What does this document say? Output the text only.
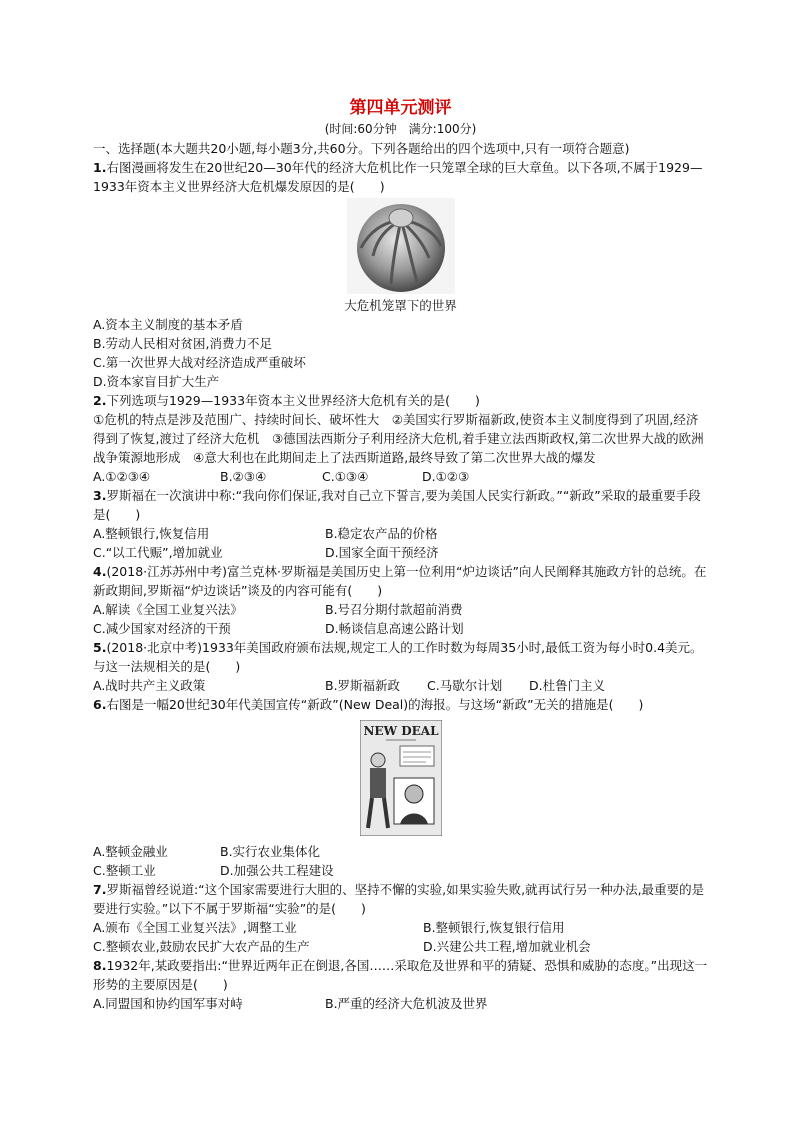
第四单元测评

(时间:60分钟　满分:100分)

一、选择题(本大题共20小题,每小题3分,共60分。下列各题给出的四个选项中,只有一项符合题意)

1.右图漫画将发生在20世纪20—30年代的经济大危机比作一只笼罩全球的巨大章鱼。以下各项,不属于1929—1933年资本主义世界经济大危机爆发原因的是(　　)

大危机笼罩下的世界

A.资本主义制度的基本矛盾

B.劳动人民相对贫困,消费力不足

C.第一次世界大战对经济造成严重破坏

D.资本家盲目扩大生产

2.下列选项与1929—1933年资本主义世界经济大危机有关的是(　　)

①危机的特点是涉及范围广、持续时间长、破坏性大　②美国实行罗斯福新政,使资本主义制度得到了巩固,经济得到了恢复,渡过了经济大危机　③德国法西斯分子利用经济大危机,着手建立法西斯政权,第二次世界大战的欧洲战争策源地形成　④意大利也在此期间走上了法西斯道路,最终导致了第二次世界大战的爆发

A.①②③④	B.②③④	C.①③④	D.①②③

3.罗斯福在一次演讲中称:“我向你们保证,我对自己立下誓言,要为美国人民实行新政。”“新政”采取的最重要手段是(　　)

A.整顿银行,恢复信用	B.稳定农产品的价格

C.“以工代赈”,增加就业	D.国家全面干预经济

4.(2018·江苏苏州中考)富兰克林·罗斯福是美国历史上第一位利用“炉边谈话”向人民阐释其施政方针的总统。在新政期间,罗斯福“炉边谈话”谈及的内容可能有(　　)

A.解读《全国工业复兴法》	B.号召分期付款超前消费

C.减少国家对经济的干预	D.畅谈信息高速公路计划

5.(2018·北京中考)1933年美国政府颁布法规,规定工人的工作时数为每周35小时,最低工资为每小时0.4美元。与这一法规相关的是(　　)

A.战时共产主义政策	B.罗斯福新政 C.马歇尔计划 D.杜鲁门主义

6.右图是一幅20世纪30年代美国宣传“新政”(New Deal)的海报。与这场“新政”无关的措施是(　　)

NEW DEAL

A.整顿金融业	B.实行农业集体化

C.整顿工业	D.加强公共工程建设

7.罗斯福曾经说道:“这个国家需要进行大胆的、坚持不懈的实验,如果实验失败,就再试行另一种办法,最重要的是要进行实验。”以下不属于罗斯福“实验”的是(　　)

A.颁布《全国工业复兴法》,调整工业	B.整顿银行,恢复银行信用

C.整顿农业,鼓励农民扩大农产品的生产	D.兴建公共工程,增加就业机会

8.1932年,某政要指出:“世界近两年正在倒退,各国……采取危及世界和平的猜疑、恐惧和威胁的态度。”出现这一形势的主要原因是(　　)

A.同盟国和协约国军事对峙	B.严重的经济大危机波及世界
